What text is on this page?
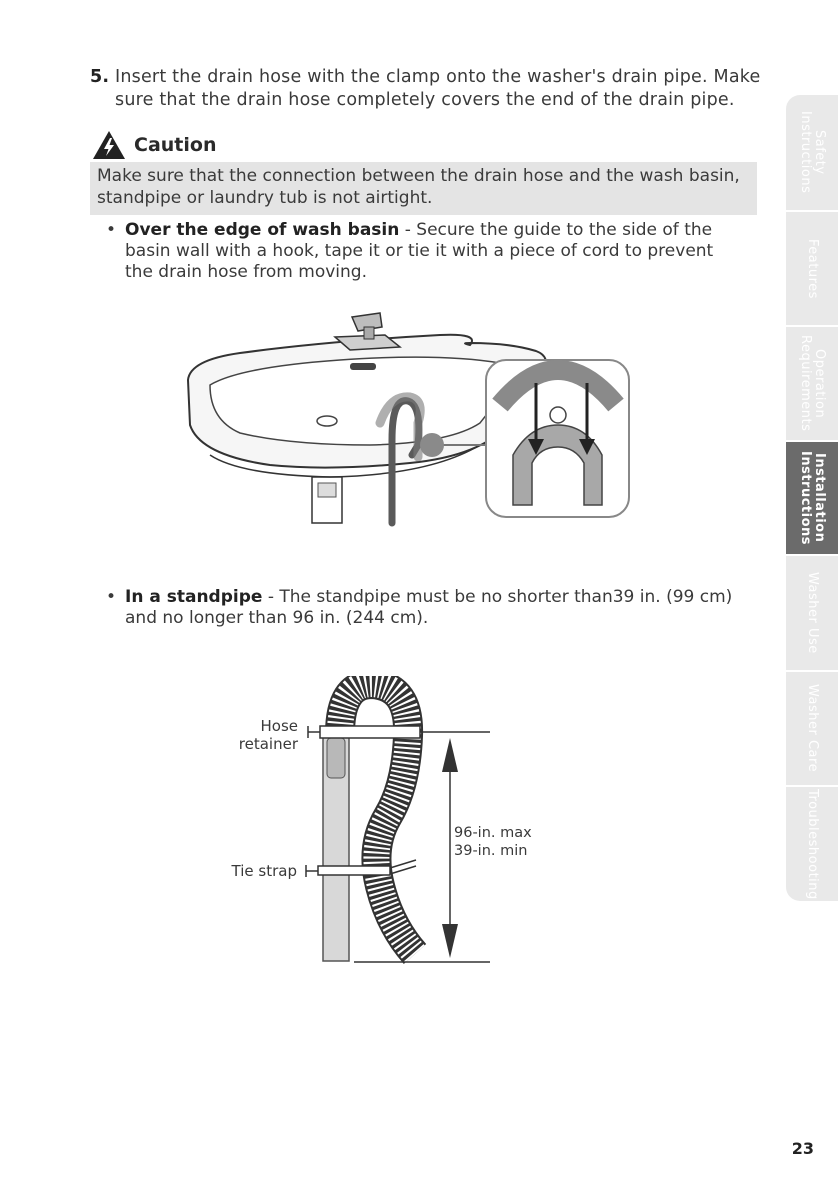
5. Insert the drain hose with the clamp onto the washer's drain pipe. Make sure that the drain hose completely covers the end of the drain pipe.
Caution
Make sure that the connection between the drain hose and the wash basin, standpipe or laundry tub is not airtight.
• Over the edge of wash basin - Secure the guide to the side of the basin wall with a hook, tape it or tie it with a piece of cord to prevent the drain hose from moving.
• In a standpipe - The standpipe must be no shorter than39 in. (99 cm) and no longer than 96 in. (244 cm).
Hose
retainer
Tie strap
96-in. max
39-in. min
Safety
Instructions
Features
Operation
Requirements
Installation
Instructions
Washer Use
Washer Care
Troubleshooting
23
